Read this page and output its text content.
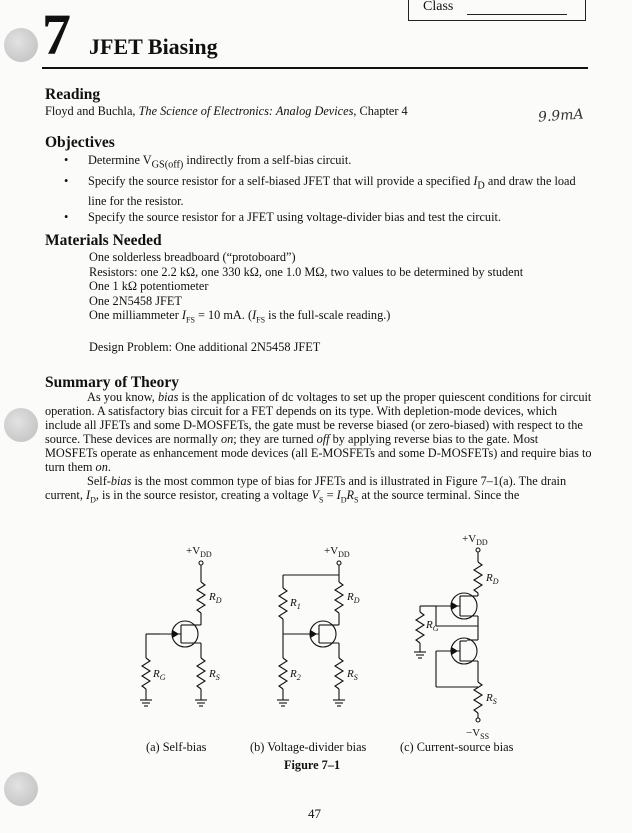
Class
7 JFET Biasing
9.9mA
Reading
Floyd and Buchla, The Science of Electronics: Analog Devices, Chapter 4
Objectives
• Determine $V_{GS(off)}$ indirectly from a self-bias circuit.
• Specify the source resistor for a self-biased JFET that will provide a specified $I_D$ and draw the load line for the resistor.
• Specify the source resistor for a JFET using voltage-divider bias and test the circuit.
Materials Needed
One solderless breadboard (“protoboard”)
Resistors: one 2.2 kΩ, one 330 kΩ, one 1.0 MΩ, two values to be determined by student
One 1 kΩ potentiometer
One 2N5458 JFET
One milliammeter $I_{FS} = 10$ mA. ($I_{FS}$ is the full-scale reading.)
Design Problem: One additional 2N5458 JFET
Summary of Theory

As you know, bias is the application of dc voltages to set up the proper quiescent conditions for circuit operation. A satisfactory bias circuit for a FET depends on its type. With depletion-mode devices, which include all JFETs and some D-MOSFETs, the gate must be reverse biased (or zero-biased) with respect to the source. These devices are normally on; they are turned off by applying reverse bias to the gate. Most MOSFETs operate as enhancement mode devices (all E-MOSFETs and some D-MOSFETs) and require bias to turn them on.

Self-bias is the most common type of bias for JFETs and is illustrated in Figure 7–1(a). The drain current, $I_D$, is in the source resistor, creating a voltage $V_S = I_DR_S$ at the source terminal. Since the

$+V_{DD}$
$R_D$
$R_S$
$R_G$
$+V_{DD}$
$R_1$
$R_D$
$R_2$	$R_S$
$+V_{DD}$
$R_D$
$R_G$
$R_S$
$-V_{SS}$
(a) Self-bias	(b) Voltage-divider bias	(c) Current-source bias
Figure 7–1
47
